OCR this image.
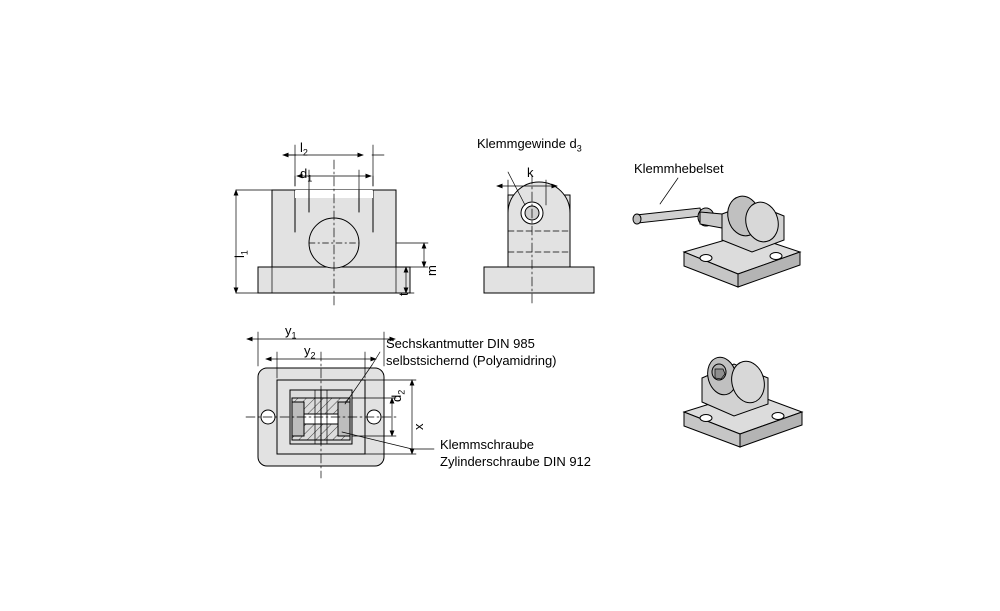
$l_2$
$d_1$
$l_1$
m
t
k
Klemmgewinde $d_3$
$y_1$
$y_2$
$d_2$
x
Sechskantmutter DIN 985
selbstsichernd (Polyamidring)
Klemmschraube
Zylinderschraube DIN 912
Klemmhebelset
